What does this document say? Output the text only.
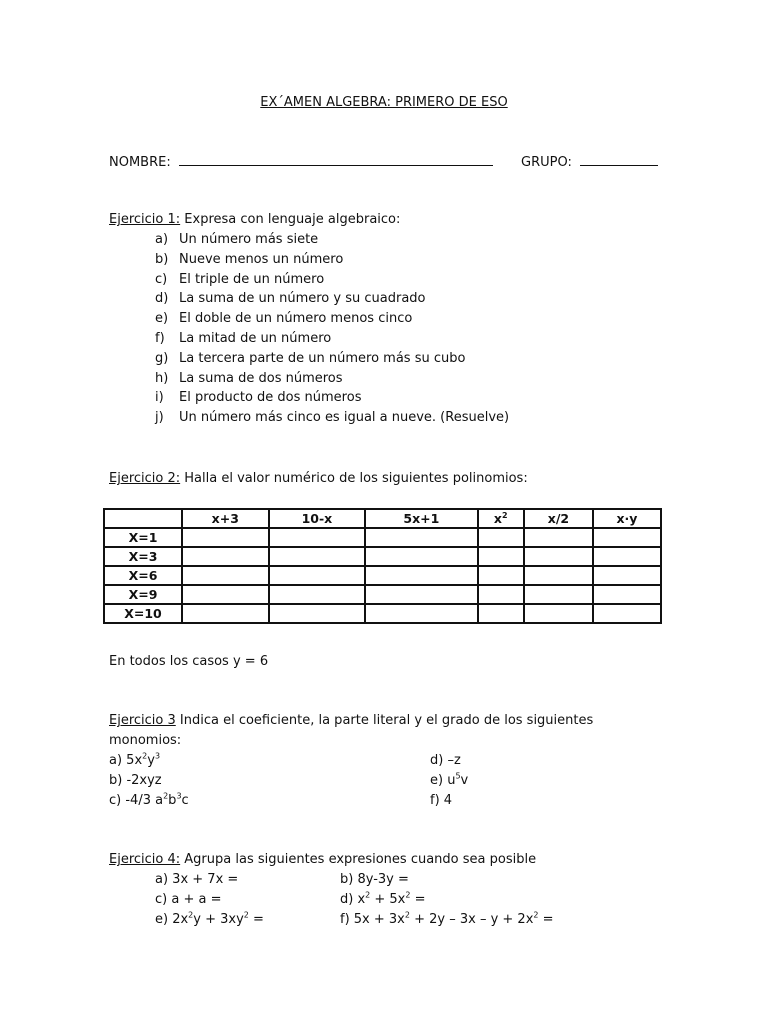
EX´AMEN ALGEBRA: PRIMERO DE ESO
NOMBRE:	GRUPO:
Ejercicio 1: Expresa con lenguaje algebraico:
a) Un número más siete
b) Nueve menos un número
c) El triple de un número
d) La suma de un número y su cuadrado
e) El doble de un número menos cinco
f)	La mitad de un número
g) La tercera parte de un número más su cubo
h) La suma de dos números
i)	El producto de dos números
j)	Un número más cinco es igual a nueve. (Resuelve)
Ejercicio 2: Halla el valor numérico de los siguientes polinomios:
	x+3	10-x	5x+1	$x^2$	x/2	x·y
X=1						
X=3						
X=6						
X=9						
X=10						
En todos los casos y = 6
Ejercicio 3 Indica el coeficiente, la parte literal y el grado de los siguientes
monomios:
a) $5x^2y^3$
b) -2xyz
c) -4/3 $a^2b^3c$
d) –z
e) $u^5v$
f) 4
Ejercicio 4: Agrupa las siguientes expresiones cuando sea posible
a) 3x + 7x =
c) a + a =
e) $2x^2y + 3xy^2$ =
b) 8y-3y =
d) $x^2 + 5x^2$ =
f) $5x + 3x^2 + 2y - 3x - y + 2x^2$ =
